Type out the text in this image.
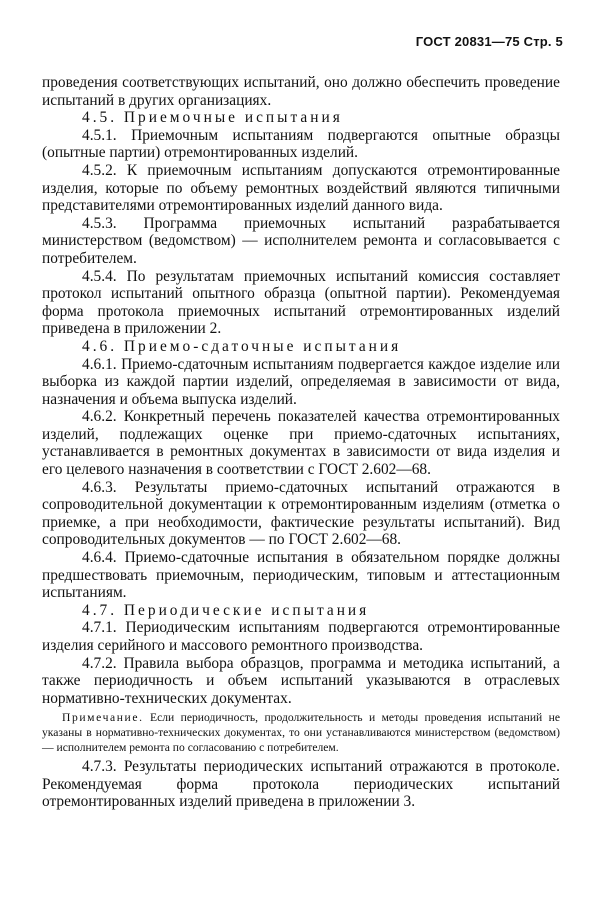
ГОСТ 20831—75 Стр. 5

проведения соответствующих испытаний, оно должно обеспечить проведение испытаний в других организациях.

4.5. Приемочные испытания

4.5.1. Приемочным испытаниям подвергаются опытные образцы (опытные партии) отремонтированных изделий.

4.5.2. К приемочным испытаниям допускаются отремонтированные изделия, которые по объему ремонтных воздействий являются типичными представителями отремонтированных изделий данного вида.

4.5.3. Программа приемочных испытаний разрабатывается министерством (ведомством) — исполнителем ремонта и согласовывается с потребителем.

4.5.4. По результатам приемочных испытаний комиссия составляет протокол испытаний опытного образца (опытной партии). Рекомендуемая форма протокола приемочных испытаний отремонтированных изделий приведена в приложении 2.

4.6. Приемо-сдаточные испытания

4.6.1. Приемо-сдаточным испытаниям подвергается каждое изделие или выборка из каждой партии изделий, определяемая в зависимости от вида, назначения и объема выпуска изделий.

4.6.2. Конкретный перечень показателей качества отремонтированных изделий, подлежащих оценке при приемо-сдаточных испытаниях, устанавливается в ремонтных документах в зависимости от вида изделия и его целевого назначения в соответствии с ГОСТ 2.602—68.

4.6.3. Результаты приемо-сдаточных испытаний отражаются в сопроводительной документации к отремонтированным изделиям (отметка о приемке, а при необходимости, фактические результаты испытаний). Вид сопроводительных документов — по ГОСТ 2.602—68.

4.6.4. Приемо-сдаточные испытания в обязательном порядке должны предшествовать приемочным, периодическим, типовым и аттестационным испытаниям.

4.7. Периодические испытания

4.7.1. Периодическим испытаниям подвергаются отремонтированные изделия серийного и массового ремонтного производства.

4.7.2. Правила выбора образцов, программа и методика испытаний, а также периодичность и объем испытаний указываются в отраслевых нормативно-технических документах.

Примечание. Если периодичность, продолжительность и методы проведения испытаний не указаны в нормативно-технических документах, то они устанавливаются министерством (ведомством) — исполнителем ремонта по согласованию с потребителем.

4.7.3. Результаты периодических испытаний отражаются в протоколе. Рекомендуемая форма протокола периодических испытаний отремонтированных изделий приведена в приложении 3.
